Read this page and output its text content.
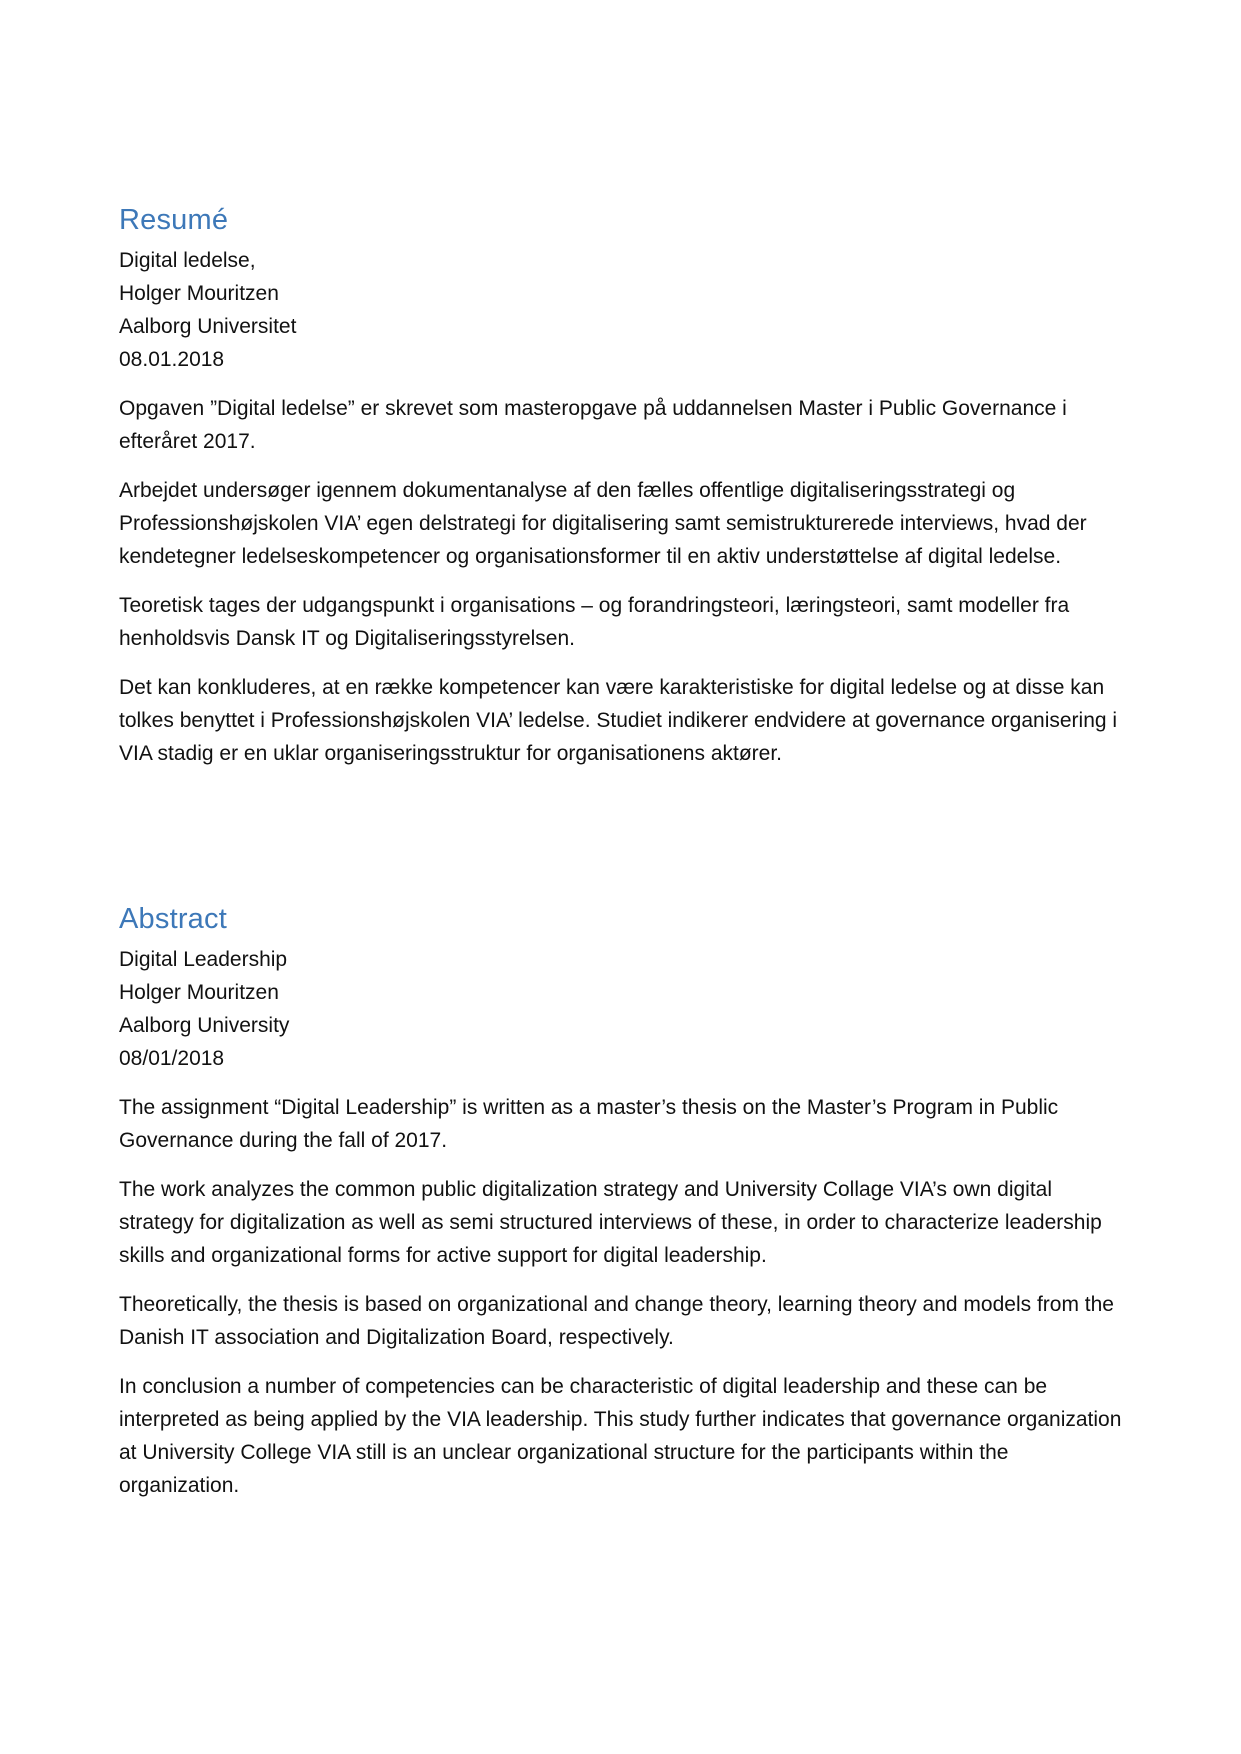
Resumé

Digital ledelse,

Holger Mouritzen

Aalborg Universitet

08.01.2018

Opgaven ”Digital ledelse” er skrevet som masteropgave på uddannelsen Master i Public Governance i efteråret 2017.

Arbejdet undersøger igennem dokumentanalyse af den fælles offentlige digitaliseringsstrategi og Professionshøjskolen VIA’ egen delstrategi for digitalisering samt semistrukturerede interviews, hvad der kendetegner ledelseskompetencer og organisationsformer til en aktiv understøttelse af digital ledelse.

Teoretisk tages der udgangspunkt i organisations – og forandringsteori, læringsteori, samt modeller fra henholdsvis Dansk IT og Digitaliseringsstyrelsen.

Det kan konkluderes, at en række kompetencer kan være karakteristiske for digital ledelse og at disse kan tolkes benyttet i Professionshøjskolen VIA’ ledelse. Studiet indikerer endvidere at governance organisering i VIA stadig er en uklar organiseringsstruktur for organisationens aktører.

Abstract

Digital Leadership

Holger Mouritzen

Aalborg University

08/01/2018

The assignment “Digital Leadership” is written as a master’s thesis on the Master’s Program in Public Governance during the fall of 2017.

The work analyzes the common public digitalization strategy and University Collage VIA’s own digital strategy for digitalization as well as semi structured interviews of these, in order to characterize leadership skills and organizational forms for active support for digital leadership.

Theoretically, the thesis is based on organizational and change theory, learning theory and models from the Danish IT association and Digitalization Board, respectively.

In conclusion a number of competencies can be characteristic of digital leadership and these can be interpreted as being applied by the VIA leadership. This study further indicates that governance organization at University College VIA still is an unclear organizational structure for the participants within the organization.
